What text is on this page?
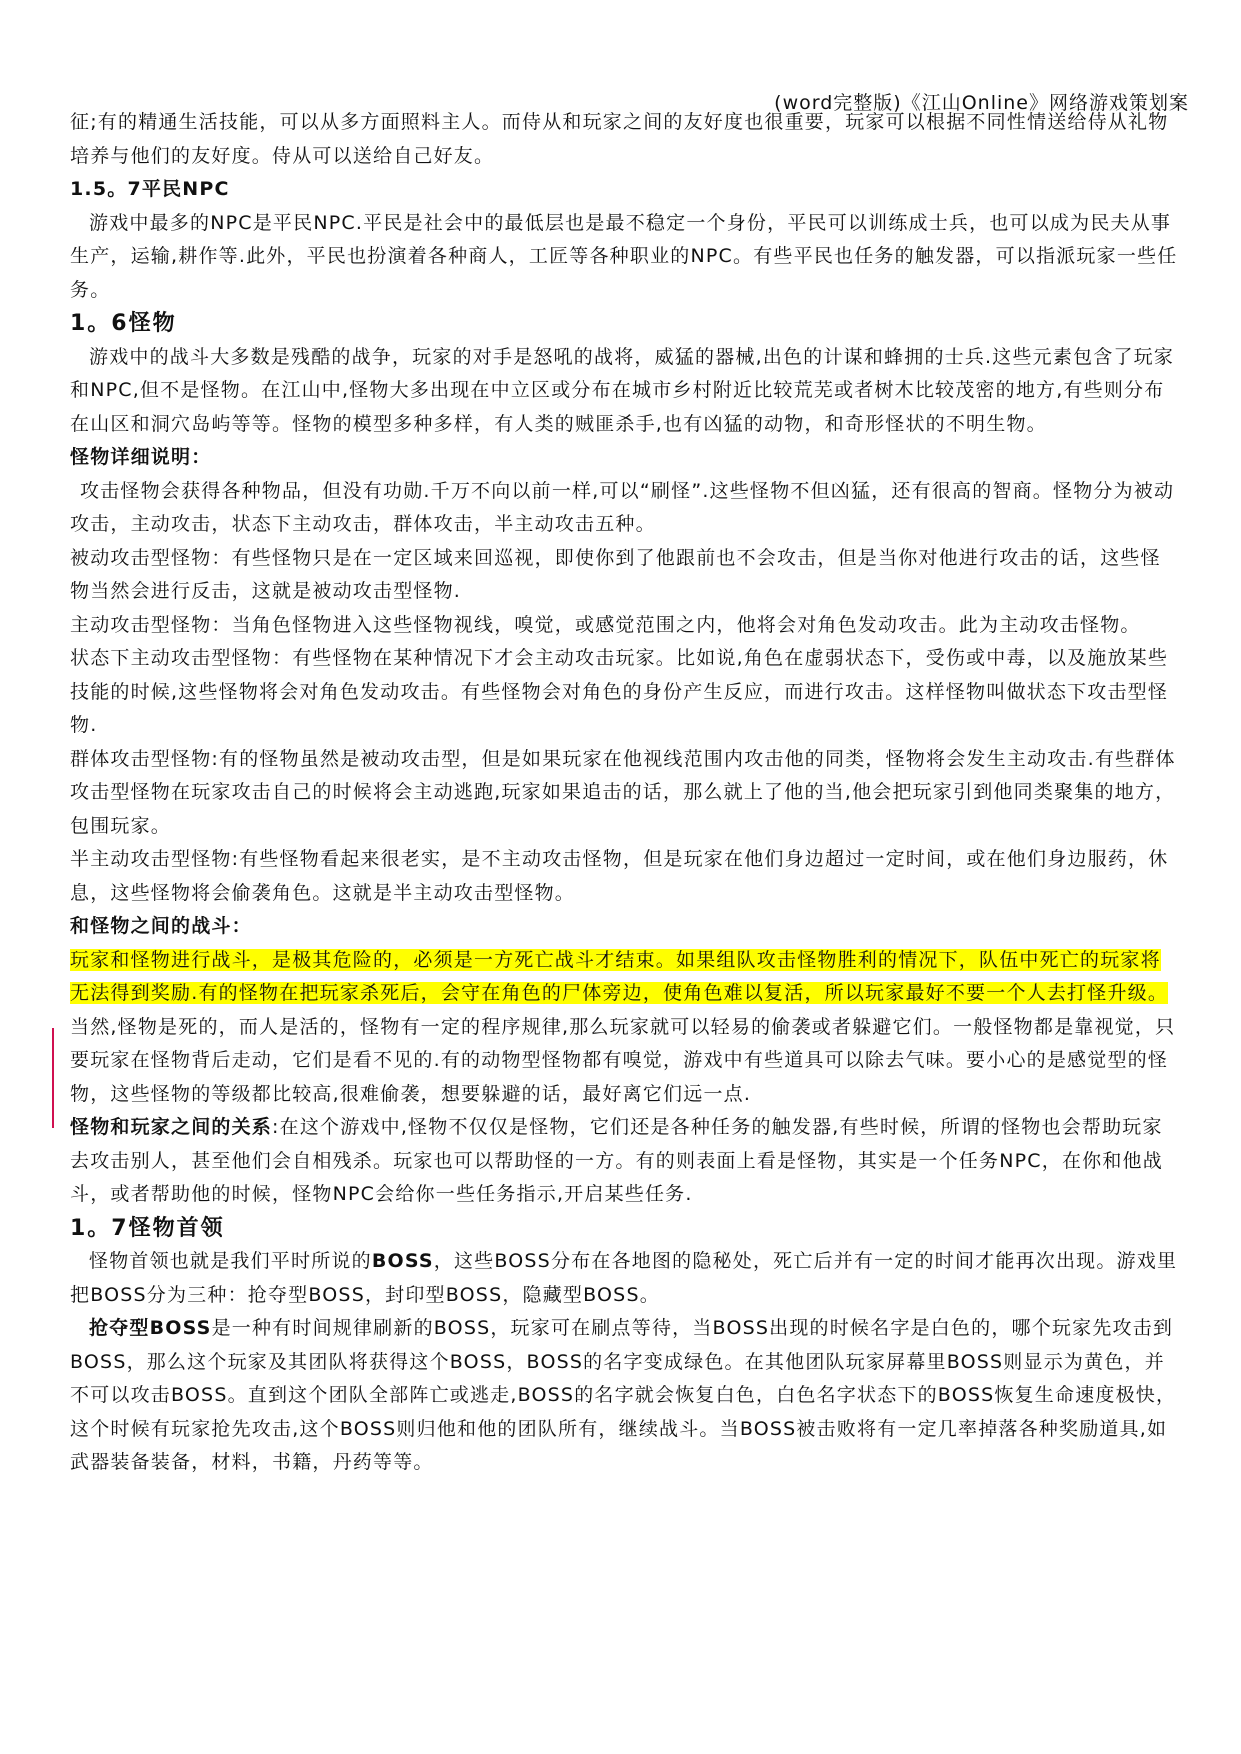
(word完整版)《江山Online》网络游戏策划案

征;有的精通生活技能，可以从多方面照料主人。而侍从和玩家之间的友好度也很重要，玩家可以根据不同性情送给侍从礼物培养与他们的友好度。侍从可以送给自己好友。

1.5。7平民NPC

游戏中最多的NPC是平民NPC.平民是社会中的最低层也是最不稳定一个身份，平民可以训练成士兵，也可以成为民夫从事生产，运输,耕作等.此外，平民也扮演着各种商人，工匠等各种职业的NPC。有些平民也任务的触发器，可以指派玩家一些任务。

1。6怪物

游戏中的战斗大多数是残酷的战争，玩家的对手是怒吼的战将，威猛的器械,出色的计谋和蜂拥的士兵.这些元素包含了玩家和NPC,但不是怪物。在江山中,怪物大多出现在中立区或分布在城市乡村附近比较荒芜或者树木比较茂密的地方,有些则分布在山区和洞穴岛屿等等。怪物的模型多种多样，有人类的贼匪杀手,也有凶猛的动物，和奇形怪状的不明生物。

怪物详细说明：

攻击怪物会获得各种物品，但没有功勋.千万不向以前一样,可以“刷怪”.这些怪物不但凶猛，还有很高的智商。怪物分为被动攻击，主动攻击，状态下主动攻击，群体攻击，半主动攻击五种。

被动攻击型怪物：有些怪物只是在一定区域来回巡视，即使你到了他跟前也不会攻击，但是当你对他进行攻击的话，这些怪物当然会进行反击，这就是被动攻击型怪物.

主动攻击型怪物：当角色怪物进入这些怪物视线，嗅觉，或感觉范围之内，他将会对角色发动攻击。此为主动攻击怪物。

状态下主动攻击型怪物：有些怪物在某种情况下才会主动攻击玩家。比如说,角色在虚弱状态下，受伤或中毒，以及施放某些技能的时候,这些怪物将会对角色发动攻击。有些怪物会对角色的身份产生反应，而进行攻击。这样怪物叫做状态下攻击型怪物.

群体攻击型怪物:有的怪物虽然是被动攻击型，但是如果玩家在他视线范围内攻击他的同类，怪物将会发生主动攻击.有些群体攻击型怪物在玩家攻击自己的时候将会主动逃跑,玩家如果追击的话，那么就上了他的当,他会把玩家引到他同类聚集的地方，包围玩家。

半主动攻击型怪物:有些怪物看起来很老实，是不主动攻击怪物，但是玩家在他们身边超过一定时间，或在他们身边服药，休息，这些怪物将会偷袭角色。这就是半主动攻击型怪物。

和怪物之间的战斗：

玩家和怪物进行战斗，是极其危险的，必须是一方死亡战斗才结束。如果组队攻击怪物胜利的情况下，队伍中死亡的玩家将无法得到奖励.有的怪物在把玩家杀死后，会守在角色的尸体旁边，使角色难以复活，所以玩家最好不要一个人去打怪升级。当然,怪物是死的，而人是活的，怪物有一定的程序规律,那么玩家就可以轻易的偷袭或者躲避它们。一般怪物都是靠视觉，只要玩家在怪物背后走动，它们是看不见的.有的动物型怪物都有嗅觉，游戏中有些道具可以除去气味。要小心的是感觉型的怪物，这些怪物的等级都比较高,很难偷袭，想要躲避的话，最好离它们远一点.

怪物和玩家之间的关系:在这个游戏中,怪物不仅仅是怪物，它们还是各种任务的触发器,有些时候，所谓的怪物也会帮助玩家去攻击别人，甚至他们会自相残杀。玩家也可以帮助怪的一方。有的则表面上看是怪物，其实是一个任务NPC，在你和他战斗，或者帮助他的时候，怪物NPC会给你一些任务指示,开启某些任务.

1。7怪物首领

怪物首领也就是我们平时所说的BOSS，这些BOSS分布在各地图的隐秘处，死亡后并有一定的时间才能再次出现。游戏里把BOSS分为三种：抢夺型BOSS，封印型BOSS，隐藏型BOSS。

抢夺型BOSS是一种有时间规律刷新的BOSS，玩家可在刷点等待，当BOSS出现的时候名字是白色的，哪个玩家先攻击到BOSS，那么这个玩家及其团队将获得这个BOSS，BOSS的名字变成绿色。在其他团队玩家屏幕里BOSS则显示为黄色，并不可以攻击BOSS。直到这个团队全部阵亡或逃走,BOSS的名字就会恢复白色，白色名字状态下的BOSS恢复生命速度极快，这个时候有玩家抢先攻击,这个BOSS则归他和他的团队所有，继续战斗。当BOSS被击败将有一定几率掉落各种奖励道具,如武器装备装备，材料，书籍，丹药等等。
